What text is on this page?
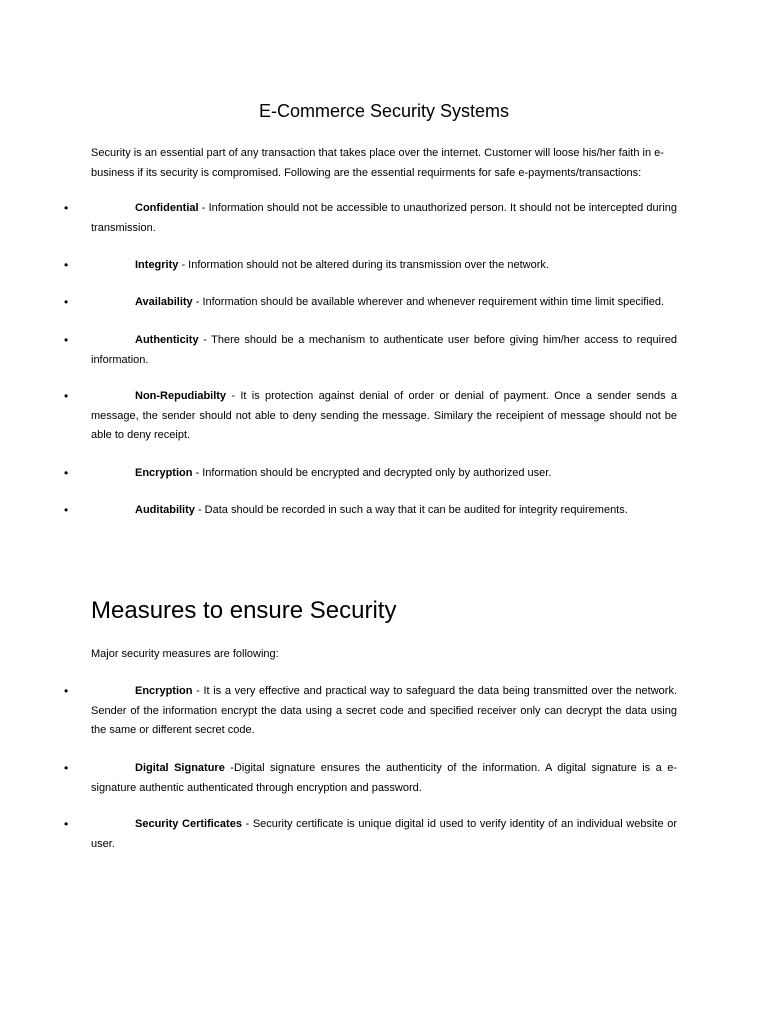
E-Commerce Security Systems

Security is an essential part of any transaction that takes place over the internet. Customer will loose his/her faith in e-business if its security is compromised. Following are the essential requirments for safe e-payments/transactions:

•	Confidential - Information should not be accessible to unauthorized person. It should not be intercepted during transmission.

•	Integrity - Information should not be altered during its transmission over the network.

•	Availability - Information should be available wherever and whenever requirement within time limit specified.

•	Authenticity - There should be a mechanism to authenticate user before giving him/her access to required information.

•	Non-Repudiabilty - It is protection against denial of order or denial of payment. Once a sender sends a message, the sender should not able to deny sending the message. Similary the receipient of message should not be able to deny receipt.

•	Encryption - Information should be encrypted and decrypted only by authorized user.

•	Auditability - Data should be recorded in such a way that it can be audited for integrity requirements.

Measures to ensure Security

Major security measures are following:

•	Encryption - It is a very effective and practical way to safeguard the data being transmitted over the network. Sender of the information encrypt the data using a secret code and specified receiver only can decrypt the data using the same or different secret code.

•	Digital Signature -Digital signature ensures the authenticity of the information. A digital signature is a e-signature authentic authenticated through encryption and password.

•	Security Certificates - Security certificate is unique digital id used to verify identity of an individual website or user.
